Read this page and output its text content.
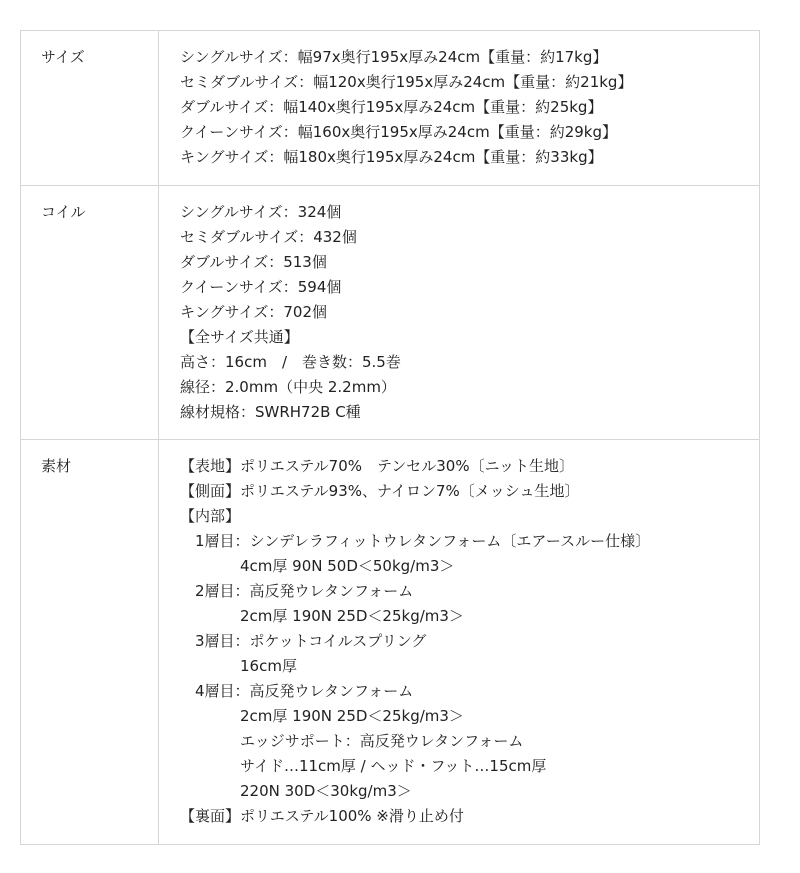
サイズ	シングルサイズ：幅97x奥行195x厚み24cm【重量：約17kg】
セミダブルサイズ：幅120x奥行195x厚み24cm【重量：約21kg】
ダブルサイズ：幅140x奥行195x厚み24cm【重量：約25kg】
クイーンサイズ：幅160x奥行195x厚み24cm【重量：約29kg】
キングサイズ：幅180x奥行195x厚み24cm【重量：約33kg】
コイル	シングルサイズ：324個
セミダブルサイズ：432個
ダブルサイズ：513個
クイーンサイズ：594個
キングサイズ：702個
【全サイズ共通】
高さ：16cm　/　巻き数：5.5巻
線径：2.0mm（中央 2.2mm）
線材規格：SWRH72B C種
素材	【表地】ポリエステル70%　テンセル30%〔ニット生地〕
【側面】ポリエステル93%、ナイロン7%〔メッシュ生地〕
【内部】
　1層目：シンデレラフィットウレタンフォーム〔エアースルー仕様〕
　　　　4cm厚 90N 50D＜50kg/m3＞
　2層目：高反発ウレタンフォーム
　　　　2cm厚 190N 25D＜25kg/m3＞
　3層目：ポケットコイルスプリング
　　　　16cm厚
　4層目：高反発ウレタンフォーム
　　　　2cm厚 190N 25D＜25kg/m3＞
　　　　エッジサポート：高反発ウレタンフォーム
　　　　サイド…11cm厚 / ヘッド・フット…15cm厚
　　　　220N 30D＜30kg/m3＞
【裏面】ポリエステル100% ※滑り止め付
